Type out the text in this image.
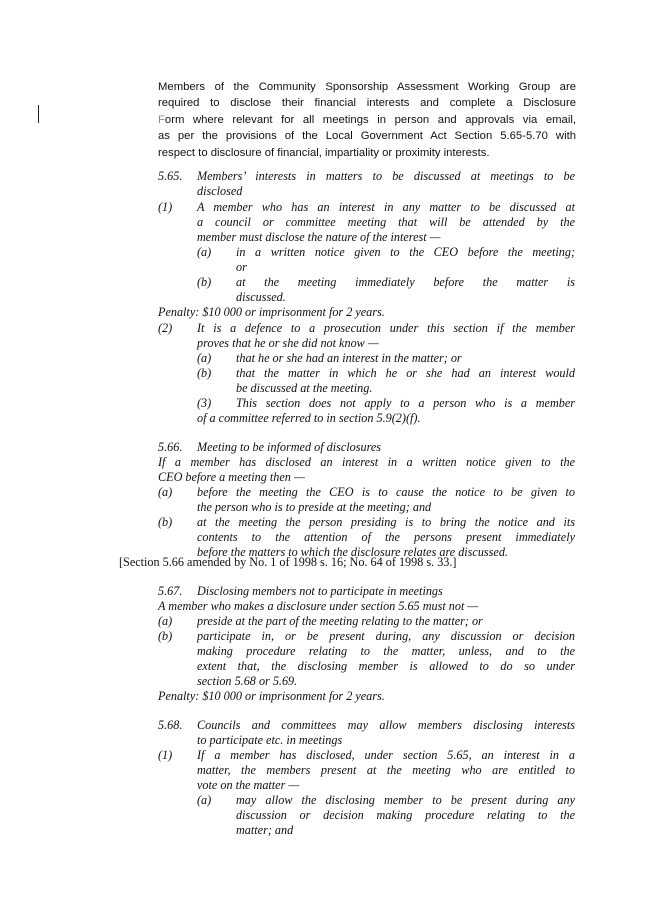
Members of the Community Sponsorship Assessment Working Group are
required to disclose their financial interests and complete a Disclosure
Form where relevant for all meetings in person and approvals via email,
as per the provisions of the Local Government Act Section 5.65-5.70 with
respect to disclosure of financial, impartiality or proximity interests.
5.65. Members’ interests in matters to be discussed at meetings to be
disclosed
(1) A member who has an interest in any matter to be discussed at
a council or committee meeting that will be attended by the
member must disclose the nature of the interest —
(a) in a written notice given to the CEO before the meeting;
or
(b) at the meeting immediately before the matter is
discussed.
Penalty: $10 000 or imprisonment for 2 years.
(2) It is a defence to a prosecution under this section if the member
proves that he or she did not know —
(a) that he or she had an interest in the matter; or
(b) that the matter in which he or she had an interest would
be discussed at the meeting.
(3) This section does not apply to a person who is a member
of a committee referred to in section 5.9(2)(f).
5.66. Meeting to be informed of disclosures
If a member has disclosed an interest in a written notice given to the
CEO before a meeting then —
(a) before the meeting the CEO is to cause the notice to be given to
the person who is to preside at the meeting; and
(b) at the meeting the person presiding is to bring the notice and its
contents to the attention of the persons present immediately
before the matters to which the disclosure relates are discussed.
5.67. Disclosing members not to participate in meetings
A member who makes a disclosure under section 5.65 must not —
(a) preside at the part of the meeting relating to the matter; or
(b) participate in, or be present during, any discussion or decision
making procedure relating to the matter, unless, and to the
extent that, the disclosing member is allowed to do so under
section 5.68 or 5.69.
Penalty: $10 000 or imprisonment for 2 years.
5.68. Councils and committees may allow members disclosing interests
to participate etc. in meetings
(1) If a member has disclosed, under section 5.65, an interest in a
matter, the members present at the meeting who are entitled to
vote on the matter —
(a) may allow the disclosing member to be present during any
discussion or decision making procedure relating to the
matter; and
[Section 5.66 amended by No. 1 of 1998 s. 16; No. 64 of 1998 s. 33.]
